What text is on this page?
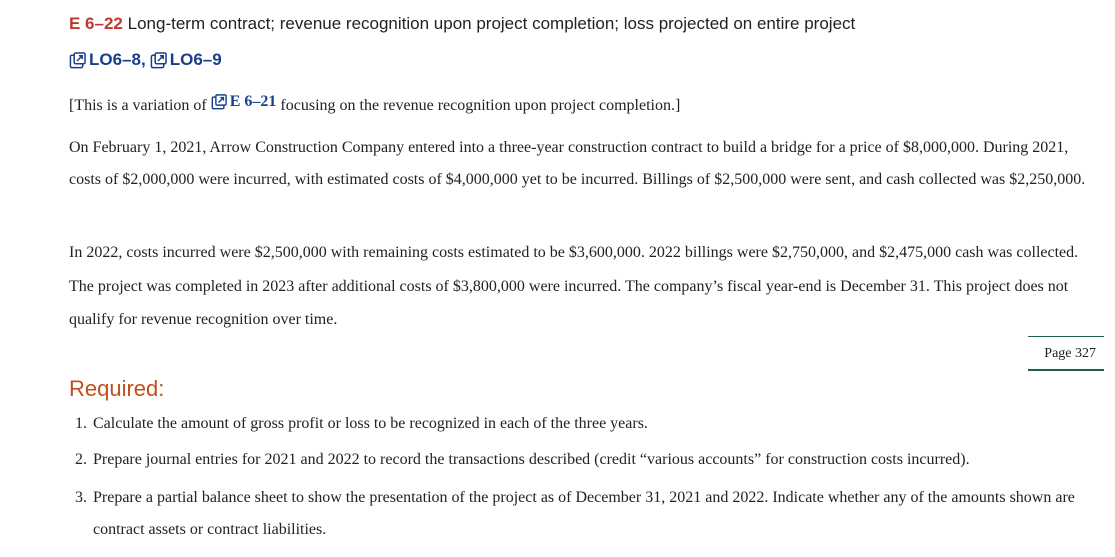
E 6–22 Long-term contract; revenue recognition upon project completion; loss projected on entire project
LO6–8 , LO6–9
[This is a variation of E 6–21 focusing on the revenue recognition upon project completion.]

On February 1, 2021, Arrow Construction Company entered into a three-year construction contract to build a bridge for a price of $8,000,000. During 2021, costs of $2,000,000 were incurred, with estimated costs of $4,000,000 yet to be incurred. Billings of $2,500,000 were sent, and cash collected was $2,250,000.

In 2022, costs incurred were $2,500,000 with remaining costs estimated to be $3,600,000. 2022 billings were $2,750,000, and $2,475,000 cash was collected. The project was completed in 2023 after additional costs of $3,800,000 were incurred. The company’s fiscal year-end is December 31. This project does not qualify for revenue recognition over time.

Page 327
Required:
1. Calculate the amount of gross profit or loss to be recognized in each of the three years.
2. Prepare journal entries for 2021 and 2022 to record the transactions described (credit “various accounts” for construction costs incurred).
3. Prepare a partial balance sheet to show the presentation of the project as of December 31, 2021 and 2022. Indicate whether any of the amounts shown are contract assets or contract liabilities.
